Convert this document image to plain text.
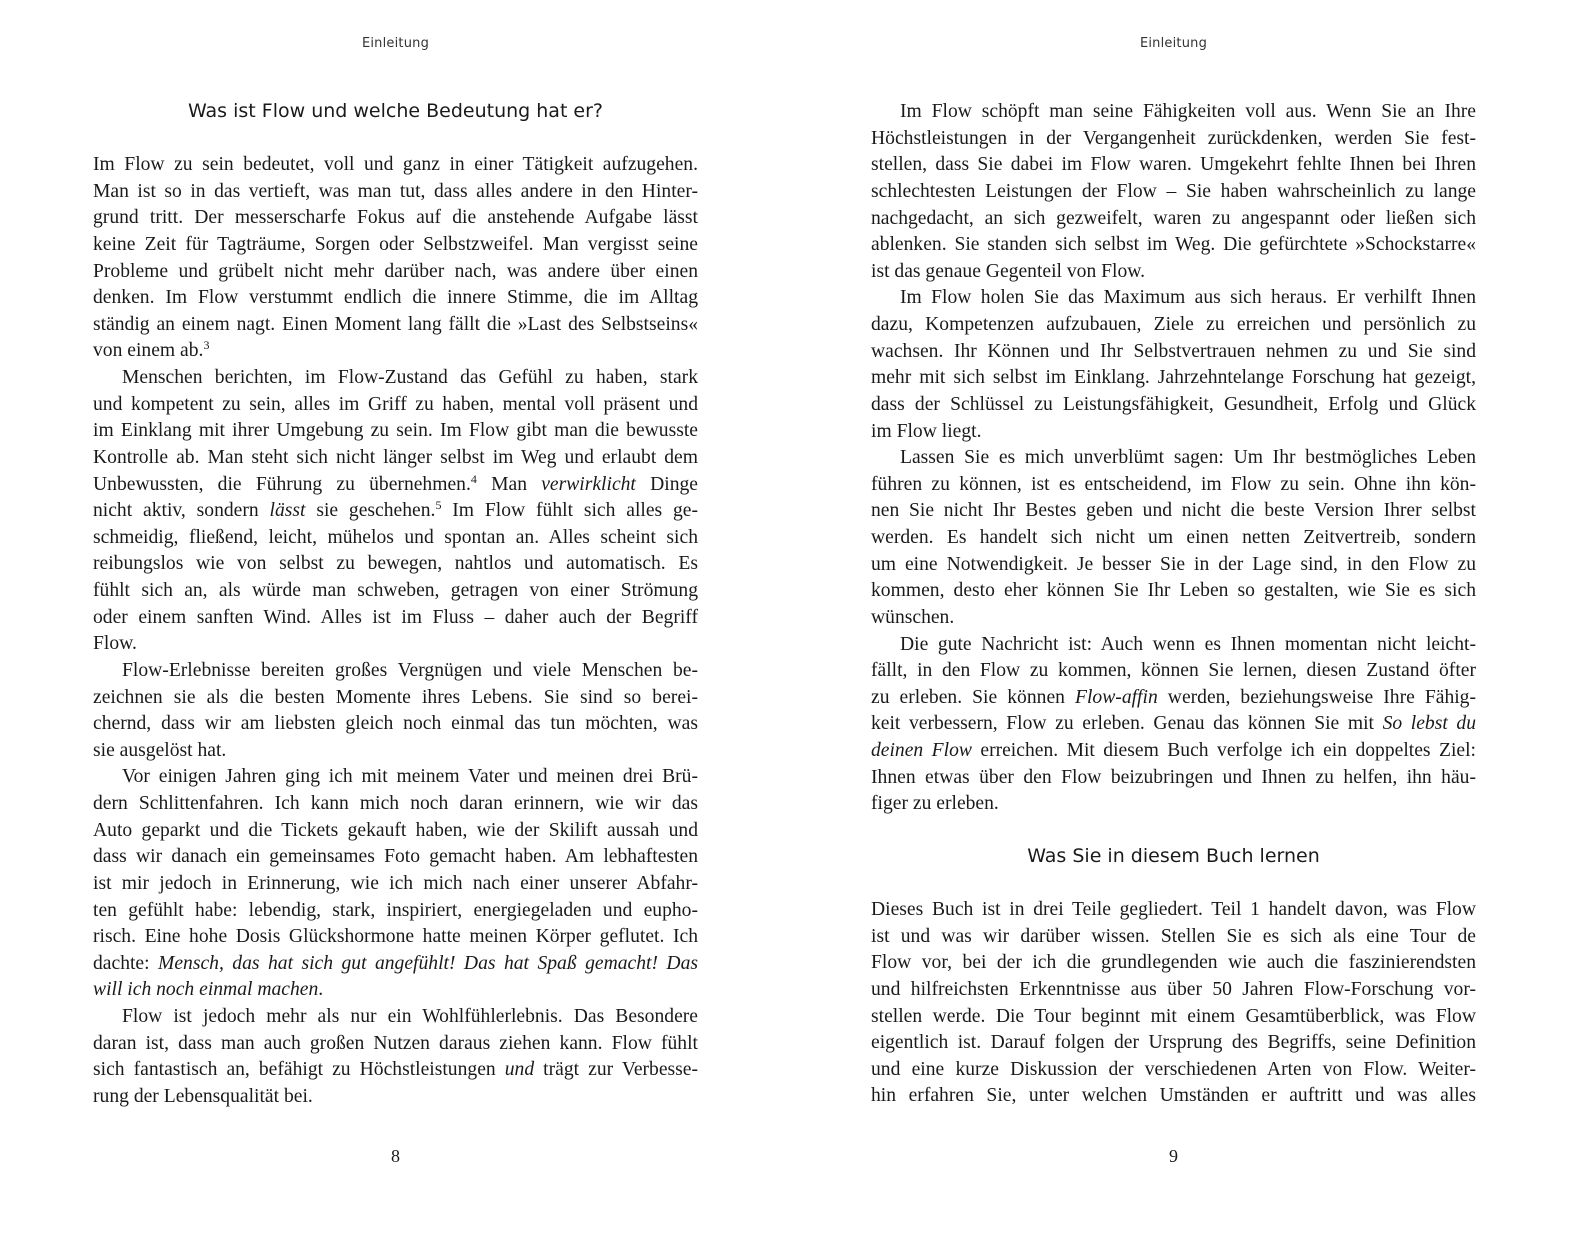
Einleitung
Was ist Flow und welche Bedeutung hat er?
Im Flow zu sein bedeutet, voll und ganz in einer Tätigkeit aufzugehen.
Man ist so in das vertieft, was man tut, dass alles andere in den Hinter-
grund tritt. Der messerscharfe Fokus auf die anstehende Aufgabe lässt
keine Zeit für Tagträume, Sorgen oder Selbstzweifel. Man vergisst seine
Probleme und grübelt nicht mehr darüber nach, was andere über einen
denken. Im Flow verstummt endlich die innere Stimme, die im Alltag
ständig an einem nagt. Einen Moment lang fällt die »Last des Selbstseins«
von einem ab.$^3$
Menschen berichten, im Flow-Zustand das Gefühl zu haben, stark
und kompetent zu sein, alles im Griff zu haben, mental voll präsent und
im Einklang mit ihrer Umgebung zu sein. Im Flow gibt man die bewusste
Kontrolle ab. Man steht sich nicht länger selbst im Weg und erlaubt dem
Unbewussten, die Führung zu übernehmen.$^4$ Man verwirklicht Dinge
nicht aktiv, sondern lässt sie geschehen.$^5$ Im Flow fühlt sich alles ge-
schmeidig, fließend, leicht, mühelos und spontan an. Alles scheint sich
reibungslos wie von selbst zu bewegen, nahtlos und automatisch. Es
fühlt sich an, als würde man schweben, getragen von einer Strömung
oder einem sanften Wind. Alles ist im Fluss – daher auch der Begriff
Flow.
Flow-Erlebnisse bereiten großes Vergnügen und viele Menschen be-
zeichnen sie als die besten Momente ihres Lebens. Sie sind so berei-
chernd, dass wir am liebsten gleich noch einmal das tun möchten, was
sie ausgelöst hat.
Vor einigen Jahren ging ich mit meinem Vater und meinen drei Brü-
dern Schlittenfahren. Ich kann mich noch daran erinnern, wie wir das
Auto geparkt und die Tickets gekauft haben, wie der Skilift aussah und
dass wir danach ein gemeinsames Foto gemacht haben. Am lebhaftesten
ist mir jedoch in Erinnerung, wie ich mich nach einer unserer Abfahr-
ten gefühlt habe: lebendig, stark, inspiriert, energiegeladen und eupho-
risch. Eine hohe Dosis Glückshormone hatte meinen Körper geflutet. Ich
dachte: Mensch, das hat sich gut angefühlt! Das hat Spaß gemacht! Das
will ich noch einmal machen.
Flow ist jedoch mehr als nur ein Wohlfühlerlebnis. Das Besondere
daran ist, dass man auch großen Nutzen daraus ziehen kann. Flow fühlt
sich fantastisch an, befähigt zu Höchstleistungen und trägt zur Verbesse-
rung der Lebensqualität bei.
8
Einleitung
Im Flow schöpft man seine Fähigkeiten voll aus. Wenn Sie an Ihre
Höchstleistungen in der Vergangenheit zurückdenken, werden Sie fest-
stellen, dass Sie dabei im Flow waren. Umgekehrt fehlte Ihnen bei Ihren
schlechtesten Leistungen der Flow – Sie haben wahrscheinlich zu lange
nachgedacht, an sich gezweifelt, waren zu angespannt oder ließen sich
ablenken. Sie standen sich selbst im Weg. Die gefürchtete »Schockstarre«
ist das genaue Gegenteil von Flow.
Im Flow holen Sie das Maximum aus sich heraus. Er verhilft Ihnen
dazu, Kompetenzen aufzubauen, Ziele zu erreichen und persönlich zu
wachsen. Ihr Können und Ihr Selbstvertrauen nehmen zu und Sie sind
mehr mit sich selbst im Einklang. Jahrzehntelange Forschung hat gezeigt,
dass der Schlüssel zu Leistungsfähigkeit, Gesundheit, Erfolg und Glück
im Flow liegt.
Lassen Sie es mich unverblümt sagen: Um Ihr bestmögliches Leben
führen zu können, ist es entscheidend, im Flow zu sein. Ohne ihn kön-
nen Sie nicht Ihr Bestes geben und nicht die beste Version Ihrer selbst
werden. Es handelt sich nicht um einen netten Zeitvertreib, sondern
um eine Notwendigkeit. Je besser Sie in der Lage sind, in den Flow zu
kommen, desto eher können Sie Ihr Leben so gestalten, wie Sie es sich
wünschen.
Die gute Nachricht ist: Auch wenn es Ihnen momentan nicht leicht-
fällt, in den Flow zu kommen, können Sie lernen, diesen Zustand öfter
zu erleben. Sie können Flow-affin werden, beziehungsweise Ihre Fähig-
keit verbessern, Flow zu erleben. Genau das können Sie mit So lebst du
deinen Flow erreichen. Mit diesem Buch verfolge ich ein doppeltes Ziel:
Ihnen etwas über den Flow beizubringen und Ihnen zu helfen, ihn häu-
figer zu erleben.
Was Sie in diesem Buch lernen
Dieses Buch ist in drei Teile gegliedert. Teil 1 handelt davon, was Flow
ist und was wir darüber wissen. Stellen Sie es sich als eine Tour de
Flow vor, bei der ich die grundlegenden wie auch die faszinierendsten
und hilfreichsten Erkenntnisse aus über 50 Jahren Flow-Forschung vor-
stellen werde. Die Tour beginnt mit einem Gesamtüberblick, was Flow
eigentlich ist. Darauf folgen der Ursprung des Begriffs, seine Definition
und eine kurze Diskussion der verschiedenen Arten von Flow. Weiter-
hin erfahren Sie, unter welchen Umständen er auftritt und was alles
9
